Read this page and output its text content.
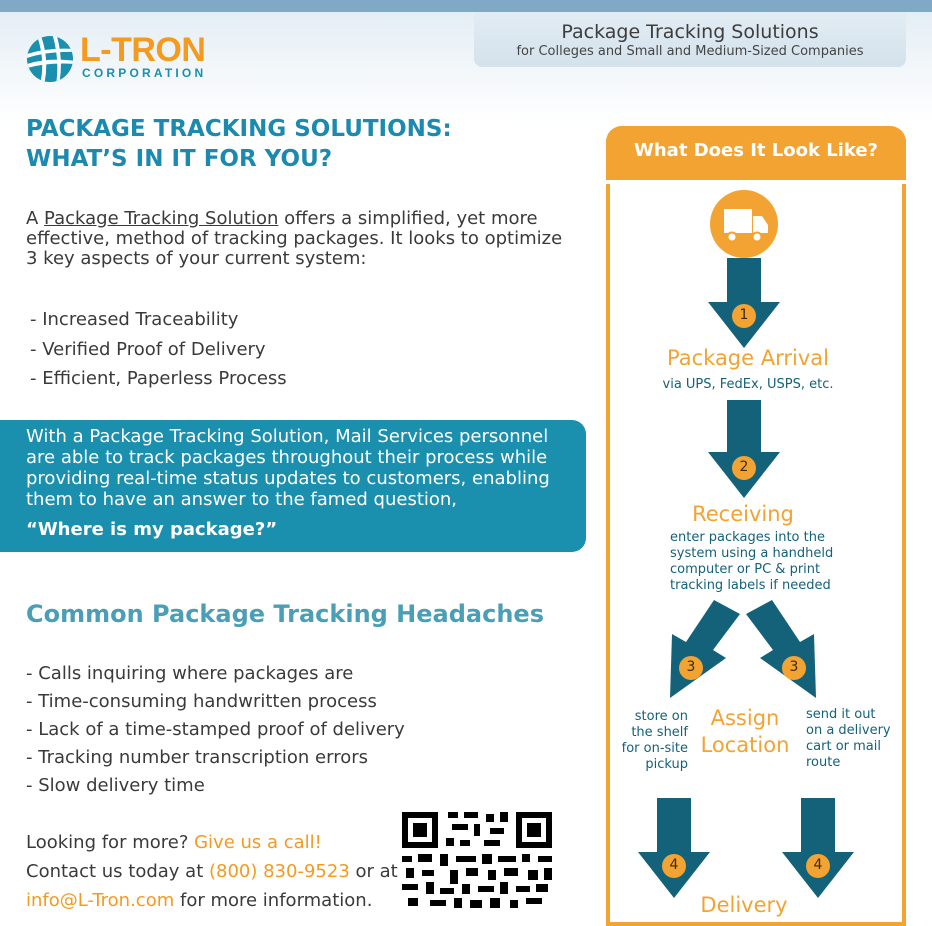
Package Tracking Solutions
for Colleges and Small and Medium-Sized Companies
L-TRON
CORPORATION
PACKAGE TRACKING SOLUTIONS:
WHAT’S IN IT FOR YOU?
A Package Tracking Solution offers a simplified, yet more effective, method of tracking packages. It looks to optimize 3 key aspects of your current system:
- Increased Traceability
- Verified Proof of Delivery
- Efficient, Paperless Process
With a Package Tracking Solution, Mail Services personnel are able to track packages throughout their process while providing real-time status updates to customers, enabling them to have an answer to the famed question,
“Where is my package?”
Common Package Tracking Headaches
- Calls inquiring where packages are
- Time-consuming handwritten process
- Lack of a time-stamped proof of delivery
- Tracking number transcription errors
- Slow delivery time
Looking for more? Give us a call!
Contact us today at (800) 830-9523 or at
info@L-Tron.com for more information.
What Does It Look Like?
1
2
3	3
4	4
Package Arrival
via UPS, FedEx, USPS, etc.
Receiving
enter packages into the
system using a handheld
computer or PC & print
tracking labels if needed
store on
the shelf
for on-site
pickup
Assign
Location
send it out
on a delivery
cart or mail
route
Delivery
